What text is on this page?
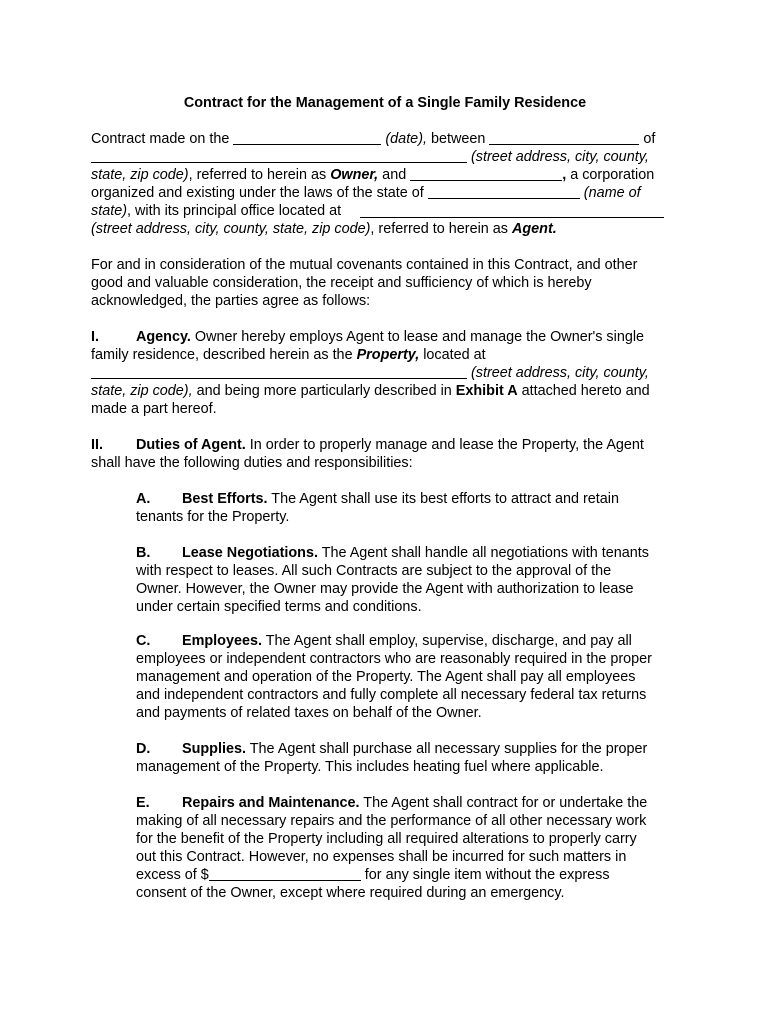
Contract for the Management of a Single Family Residence
Contract made on the	(date), between	of
(street address, city, county,
state, zip code), referred to herein as Owner, and	, a corporation
organized and existing under the laws of the state of	(name of
state), with its principal office located at
(street address, city, county, state, zip code), referred to herein as Agent.
For and in consideration of the mutual covenants contained in this Contract, and other
good and valuable consideration, the receipt and sufficiency of which is hereby
acknowledged, the parties agree as follows:
I.	Agency. Owner hereby employs Agent to lease and manage the Owner's single
family residence, described herein as the Property, located at
(street address, city, county,
state, zip code), and being more particularly described in Exhibit A attached hereto and
made a part hereof.
II. Duties of Agent. In order to properly manage and lease the Property, the Agent
shall have the following duties and responsibilities:
A. Best Efforts. The Agent shall use its best efforts to attract and retain
tenants for the Property.
B. Lease Negotiations. The Agent shall handle all negotiations with tenants
with respect to leases. All such Contracts are subject to the approval of the
Owner. However, the Owner may provide the Agent with authorization to lease
under certain specified terms and conditions.
C. Employees. The Agent shall employ, supervise, discharge, and pay all
employees or independent contractors who are reasonably required in the proper
management and operation of the Property. The Agent shall pay all employees
and independent contractors and fully complete all necessary federal tax returns
and payments of related taxes on behalf of the Owner.
D. Supplies. The Agent shall purchase all necessary supplies for the proper
management of the Property. This includes heating fuel where applicable.
E. Repairs and Maintenance. The Agent shall contract for or undertake the
making of all necessary repairs and the performance of all other necessary work
for the benefit of the Property including all required alterations to properly carry
out this Contract. However, no expenses shall be incurred for such matters in
excess of $	for any single item without the express
consent of the Owner, except where required during an emergency.
